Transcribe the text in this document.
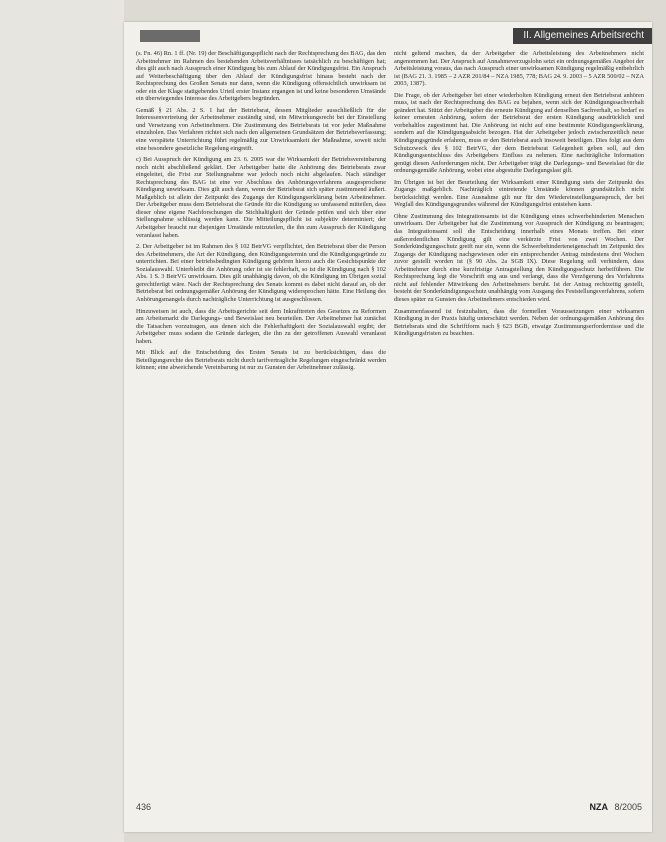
II. Allgemeines Arbeitsrecht

(s. Fn. 46) Rn. 1 ff. (Nr. 19) der Beschäftigungspflicht nach der Rechtsprechung des BAG, das den Arbeitnehmer im Rahmen des bestehenden Arbeitsverhältnisses tatsächlich zu beschäftigen hat; dies gilt auch nach Ausspruch einer Kündigung bis zum Ablauf der Kündigungsfrist. Ein Anspruch auf Weiterbeschäftigung über den Ablauf der Kündigungsfrist hinaus besteht nach der Rechtsprechung des Großen Senats nur dann, wenn die Kündigung offensichtlich unwirksam ist oder ein der Klage stattgebendes Urteil erster Instanz ergangen ist und keine besonderen Umstände ein überwiegendes Interesse des Arbeitgebers begründen.

Gemäß § 21 Abs. 2 S. 1 hat der Betriebsrat, dessen Mitglieder ausschließlich für die Interessenvertretung der Arbeitnehmer zuständig sind, ein Mitwirkungsrecht bei der Einstellung und Versetzung von Arbeitnehmern. Die Zustimmung des Betriebsrats ist vor jeder Maßnahme einzuholen. Das Verfahren richtet sich nach den allgemeinen Grundsätzen der Betriebsverfassung; eine verspätete Unterrichtung führt regelmäßig zur Unwirksamkeit der Maßnahme, soweit nicht eine besondere gesetzliche Regelung eingreift.

c) Bei Ausspruch der Kündigung am 23. 6. 2005 war die Wirksamkeit der Betriebsvereinbarung noch nicht abschließend geklärt. Der Arbeitgeber hatte die Anhörung des Betriebsrats zwar eingeleitet, die Frist zur Stellungnahme war jedoch noch nicht abgelaufen. Nach ständiger Rechtsprechung des BAG ist eine vor Abschluss des Anhörungsverfahrens ausgesprochene Kündigung unwirksam. Dies gilt auch dann, wenn der Betriebsrat sich später zustimmend äußert. Maßgeblich ist allein der Zeitpunkt des Zugangs der Kündigungserklärung beim Arbeitnehmer. Der Arbeitgeber muss dem Betriebsrat die Gründe für die Kündigung so umfassend mitteilen, dass dieser ohne eigene Nachforschungen die Stichhaltigkeit der Gründe prüfen und sich über eine Stellungnahme schlüssig werden kann. Die Mitteilungspflicht ist subjektiv determiniert; der Arbeitgeber braucht nur diejenigen Umstände mitzuteilen, die ihn zum Ausspruch der Kündigung veranlasst haben.

2. Der Arbeitgeber ist im Rahmen des § 102 BetrVG verpflichtet, den Betriebsrat über die Person des Arbeitnehmers, die Art der Kündigung, den Kündigungstermin und die Kündigungsgründe zu unterrichten. Bei einer betriebsbedingten Kündigung gehören hierzu auch die Gesichtspunkte der Sozialauswahl. Unterbleibt die Anhörung oder ist sie fehlerhaft, so ist die Kündigung nach § 102 Abs. 1 S. 3 BetrVG unwirksam. Dies gilt unabhängig davon, ob die Kündigung im Übrigen sozial gerechtfertigt wäre. Nach der Rechtsprechung des Senats kommt es dabei nicht darauf an, ob der Betriebsrat bei ordnungsgemäßer Anhörung der Kündigung widersprochen hätte. Eine Heilung des Anhörungsmangels durch nachträgliche Unterrichtung ist ausgeschlossen.

Hinzuweisen ist auch, dass die Arbeitsgerichte seit dem Inkrafttreten des Gesetzes zu Reformen am Arbeitsmarkt die Darlegungs- und Beweislast neu beurteilen. Der Arbeitnehmer hat zunächst die Tatsachen vorzutragen, aus denen sich die Fehlerhaftigkeit der Sozialauswahl ergibt; der Arbeitgeber muss sodann die Gründe darlegen, die ihn zu der getroffenen Auswahl veranlasst haben.

Mit Blick auf die Entscheidung des Ersten Senats ist zu berücksichtigen, dass die Beteiligungsrechte des Betriebsrats nicht durch tarifvertragliche Regelungen eingeschränkt werden können; eine abweichende Vereinbarung ist nur zu Gunsten der Arbeitnehmer zulässig.

nicht geltend machen, da der Arbeitgeber die Arbeitsleistung des Arbeitnehmers nicht angenommen hat. Der Anspruch auf Annahmeverzugslohn setzt ein ordnungsgemäßes Angebot der Arbeitsleistung voraus, das nach Ausspruch einer unwirksamen Kündigung regelmäßig entbehrlich ist (BAG 21. 3. 1985 – 2 AZR 201/84 – NZA 1985, 778; BAG 24. 9. 2003 – 5 AZR 500/02 – NZA 2003, 1387).

Die Frage, ob der Arbeitgeber bei einer wiederholten Kündigung erneut den Betriebsrat anhören muss, ist nach der Rechtsprechung des BAG zu bejahen, wenn sich der Kündigungssachverhalt geändert hat. Stützt der Arbeitgeber die erneute Kündigung auf denselben Sachverhalt, so bedarf es keiner erneuten Anhörung, sofern der Betriebsrat der ersten Kündigung ausdrücklich und vorbehaltlos zugestimmt hat. Die Anhörung ist nicht auf eine bestimmte Kündigungserklärung, sondern auf die Kündigungsabsicht bezogen. Hat der Arbeitgeber jedoch zwischenzeitlich neue Kündigungsgründe erfahren, muss er den Betriebsrat auch insoweit beteiligen. Dies folgt aus dem Schutzzweck des § 102 BetrVG, der dem Betriebsrat Gelegenheit geben soll, auf den Kündigungsentschluss des Arbeitgebers Einfluss zu nehmen. Eine nachträgliche Information genügt diesen Anforderungen nicht. Der Arbeitgeber trägt die Darlegungs- und Beweislast für die ordnungsgemäße Anhörung, wobei eine abgestufte Darlegungslast gilt.

Im Übrigen ist bei der Beurteilung der Wirksamkeit einer Kündigung stets der Zeitpunkt des Zugangs maßgeblich. Nachträglich eintretende Umstände können grundsätzlich nicht berücksichtigt werden. Eine Ausnahme gilt nur für den Wiedereinstellungsanspruch, der bei Wegfall des Kündigungsgrundes während der Kündigungsfrist entstehen kann.

Ohne Zustimmung des Integrationsamts ist die Kündigung eines schwerbehinderten Menschen unwirksam. Der Arbeitgeber hat die Zustimmung vor Ausspruch der Kündigung zu beantragen; das Integrationsamt soll die Entscheidung innerhalb eines Monats treffen. Bei einer außerordentlichen Kündigung gilt eine verkürzte Frist von zwei Wochen. Der Sonderkündigungsschutz greift nur ein, wenn die Schwerbehinderteneigenschaft im Zeitpunkt des Zugangs der Kündigung nachgewiesen oder ein entsprechender Antrag mindestens drei Wochen zuvor gestellt worden ist (§ 90 Abs. 2a SGB IX). Diese Regelung soll verhindern, dass Arbeitnehmer durch eine kurzfristige Antragstellung den Kündigungsschutz herbeiführen. Die Rechtsprechung legt die Vorschrift eng aus und verlangt, dass die Verzögerung des Verfahrens nicht auf fehlender Mitwirkung des Arbeitnehmers beruht. Ist der Antrag rechtzeitig gestellt, besteht der Sonderkündigungsschutz unabhängig vom Ausgang des Feststellungsverfahrens, sofern dieses später zu Gunsten des Arbeitnehmers entschieden wird.

Zusammenfassend ist festzuhalten, dass die formellen Voraussetzungen einer wirksamen Kündigung in der Praxis häufig unterschätzt werden. Neben der ordnungsgemäßen Anhörung des Betriebsrats sind die Schriftform nach § 623 BGB, etwaige Zustimmungserfordernisse und die Kündigungsfristen zu beachten.

436	NZA 8/2005
